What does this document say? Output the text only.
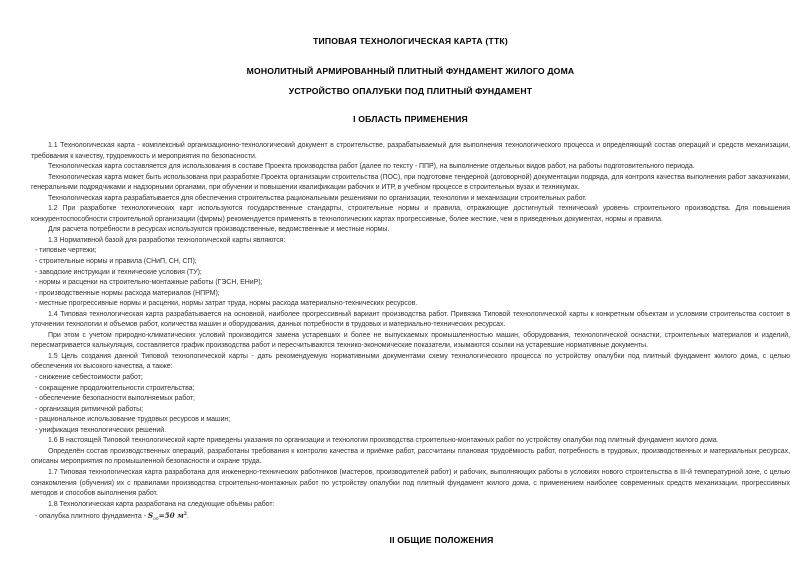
ТИПОВАЯ ТЕХНОЛОГИЧЕСКАЯ КАРТА (ТТК)
МОНОЛИТНЫЙ АРМИРОВАННЫЙ ПЛИТНЫЙ ФУНДАМЕНТ ЖИЛОГО ДОМА
УСТРОЙСТВО ОПАЛУБКИ ПОД ПЛИТНЫЙ ФУНДАМЕНТ
I ОБЛАСТЬ ПРИМЕНЕНИЯ
1.1 Технологическая карта - комплексный организационно-технологический документ в строительстве, разрабатываемый для выполнения технологического процесса и определяющий состав операций и средств механизации, требования к качеству, трудоемкость и мероприятия по безопасности.
Технологическая карта составляется для использования в составе Проекта производства работ (далее по тексту - ППР), на выполнение отдельных видов работ, на работы подготовительного периода.
Технологическая карта может быть использована при разработке Проекта организации строительства (ПОС), при подготовке тендерной (договорной) документации подряда, для контроля качества выполнения работ заказчиками, генеральными подрядчиками и надзорными органами, при обучении и повышении квалификации рабочих и ИТР, в учебном процессе в строительных вузах и техникумах.
Технологическая карта разрабатывается для обеспечения строительства рациональными решениями по организации, технологии и механизации строительных работ.
1.2 При разработке технологических карт используются государственные стандарты, строительные нормы и правила, отражающие достигнутый технический уровень строительного производства. Для повышения конкурентоспособности строительной организации (фирмы) рекомендуется применять в технологических картах прогрессивные, более жесткие, чем в приведенных документах, нормы и правила.
Для расчета потребности в ресурсах используются производственные, ведомственные и местные нормы.
1.3 Нормативной базой для разработки технологической карты являются:
- типовые чертежи;
- строительные нормы и правила (СНиП, СН, СП);
- заводские инструкции и технические условия (ТУ);
- нормы и расценки на строительно-монтажные работы (ГЭСН, ЕНиР);
- производственные нормы расхода материалов (НПРМ);
- местные прогрессивные нормы и расценки, нормы затрат труда, нормы расхода материально-технических ресурсов.
1.4 Типовая технологическая карта разрабатывается на основной, наиболее прогрессивный вариант производства работ. Привязка Типовой технологической карты к конкретным объектам и условиям строительства состоит в уточнении технологии и объемов работ, количества машин и оборудования, данных потребности в трудовых и материально-технических ресурсах.
При этом с учетом природно-климатических условий производится замена устаревших и более не выпускаемых промышленностью машин, оборудования, технологической оснастки, строительных материалов и изделий, пересматривается калькуляция, составляется график производства работ и пересчитываются технико-экономические показатели, изымаются ссылки на устаревшие нормативные документы.
1.5 Цель создания данной Типовой технологической карты - дать рекомендуемую нормативными документами схему технологического процесса по устройству опалубки под плитный фундамент жилого дома, с целью обеспечения их высокого качества, а также:
- снижение себестоимости работ;
- сокращение продолжительности строительства;
- обеспечение безопасности выполняемых работ;
- организация ритмичной работы;
- рациональное использование трудовых ресурсов и машин;
- унификация технологических решений.
1.6 В настоящей Типовой технологической карте приведены указания по организации и технологии производства строительно-монтажных работ по устройству опалубки под плитный фундамент жилого дома.
Определён состав производственных операций, разработаны требования к контролю качества и приёмке работ, рассчитаны плановая трудоёмкость работ, потребность в трудовых, производственных и материальных ресурсах, описаны мероприятия по промышленной безопасности и охране труда.
1.7 Типовая технологическая карта разработана для инженерно-технических работников (мастеров, производителей работ) и рабочих, выполняющих работы в условиях нового строительства в III-й температурной зоне, с целью ознакомления (обучения) их с правилами производства строительно-монтажных работ по устройству опалубки под плитный фундамент жилого дома, с применением наиболее современных средств механизации, прогрессивных методов и способов выполнения работ.
1.8 Технологическая карта разработана на следующие объёмы работ:
- опалубка плитного фундамента - $S_{оп}=50$ $м^2$.
II ОБЩИЕ ПОЛОЖЕНИЯ
